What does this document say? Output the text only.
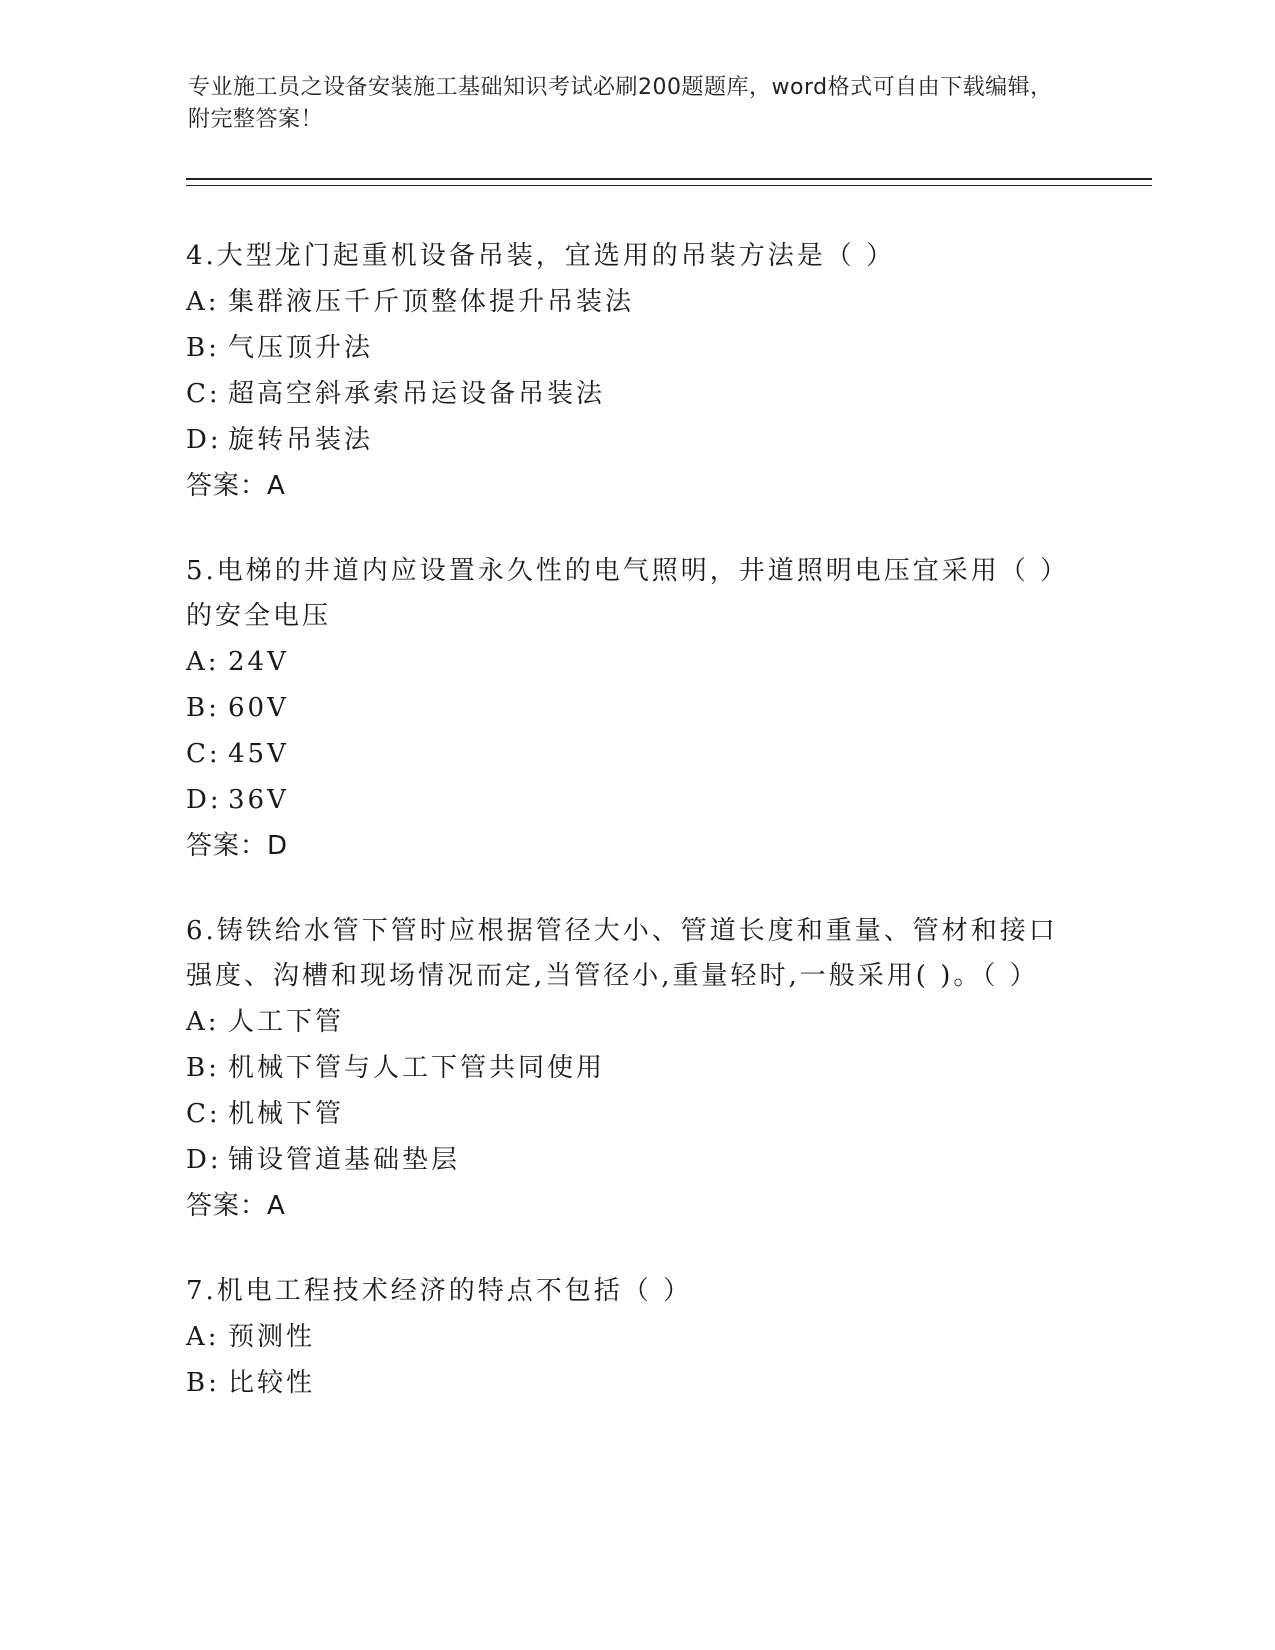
专业施工员之设备安装施工基础知识考试必刷200题题库，word格式可自由下载编辑，附完整答案！
4.大型龙门起重机设备吊装，宜选用的吊装方法是（ ）
A: 集群液压千斤顶整体提升吊装法
B: 气压顶升法
C: 超高空斜承索吊运设备吊装法
D: 旋转吊装法
答案：A
5.电梯的井道内应设置永久性的电气照明，井道照明电压宜采用（ ）的安全电压
A: 24V
B: 60V
C: 45V
D: 36V
答案：D
6.铸铁给水管下管时应根据管径大小、管道长度和重量、管材和接口强度、沟槽和现场情况而定,当管径小,重量轻时,一般采用( )。（ ）
A: 人工下管
B: 机械下管与人工下管共同使用
C: 机械下管
D: 铺设管道基础垫层
答案：A
7.机电工程技术经济的特点不包括（ ）
A: 预测性
B: 比较性
